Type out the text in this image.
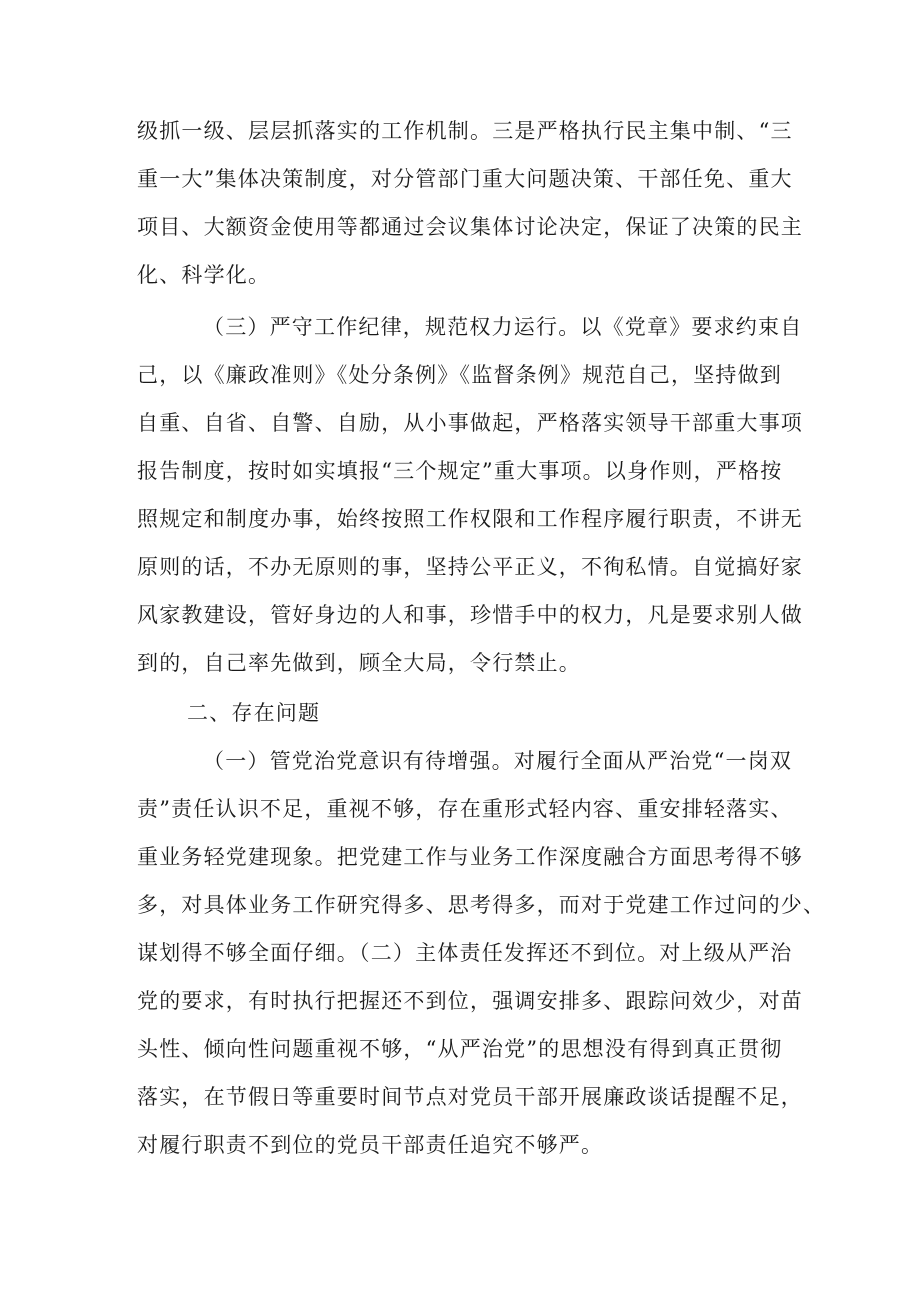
级抓一级、层层抓落实的工作机制。三是严格执行民主集中制、“三
重一大”集体决策制度，对分管部门重大问题决策、干部任免、重大
项目、大额资金使用等都通过会议集体讨论决定，保证了决策的民主
化、科学化。
（三）严守工作纪律，规范权力运行。以《党章》要求约束自
己，以《廉政准则》《处分条例》《监督条例》规范自己，坚持做到
自重、自省、自警、自励，从小事做起，严格落实领导干部重大事项
报告制度，按时如实填报“三个规定”重大事项。以身作则，严格按
照规定和制度办事，始终按照工作权限和工作程序履行职责，不讲无
原则的话，不办无原则的事，坚持公平正义，不徇私情。自觉搞好家
风家教建设，管好身边的人和事，珍惜手中的权力，凡是要求别人做
到的，自己率先做到，顾全大局，令行禁止。
二、存在问题
（一）管党治党意识有待增强。对履行全面从严治党“一岗双
责”责任认识不足，重视不够，存在重形式轻内容、重安排轻落实、
重业务轻党建现象。把党建工作与业务工作深度融合方面思考得不够
多，对具体业务工作研究得多、思考得多，而对于党建工作过问的少、
谋划得不够全面仔细。（二）主体责任发挥还不到位。对上级从严治
党的要求，有时执行把握还不到位，强调安排多、跟踪问效少，对苗
头性、倾向性问题重视不够，“从严治党”的思想没有得到真正贯彻
落实，在节假日等重要时间节点对党员干部开展廉政谈话提醒不足，
对履行职责不到位的党员干部责任追究不够严。
